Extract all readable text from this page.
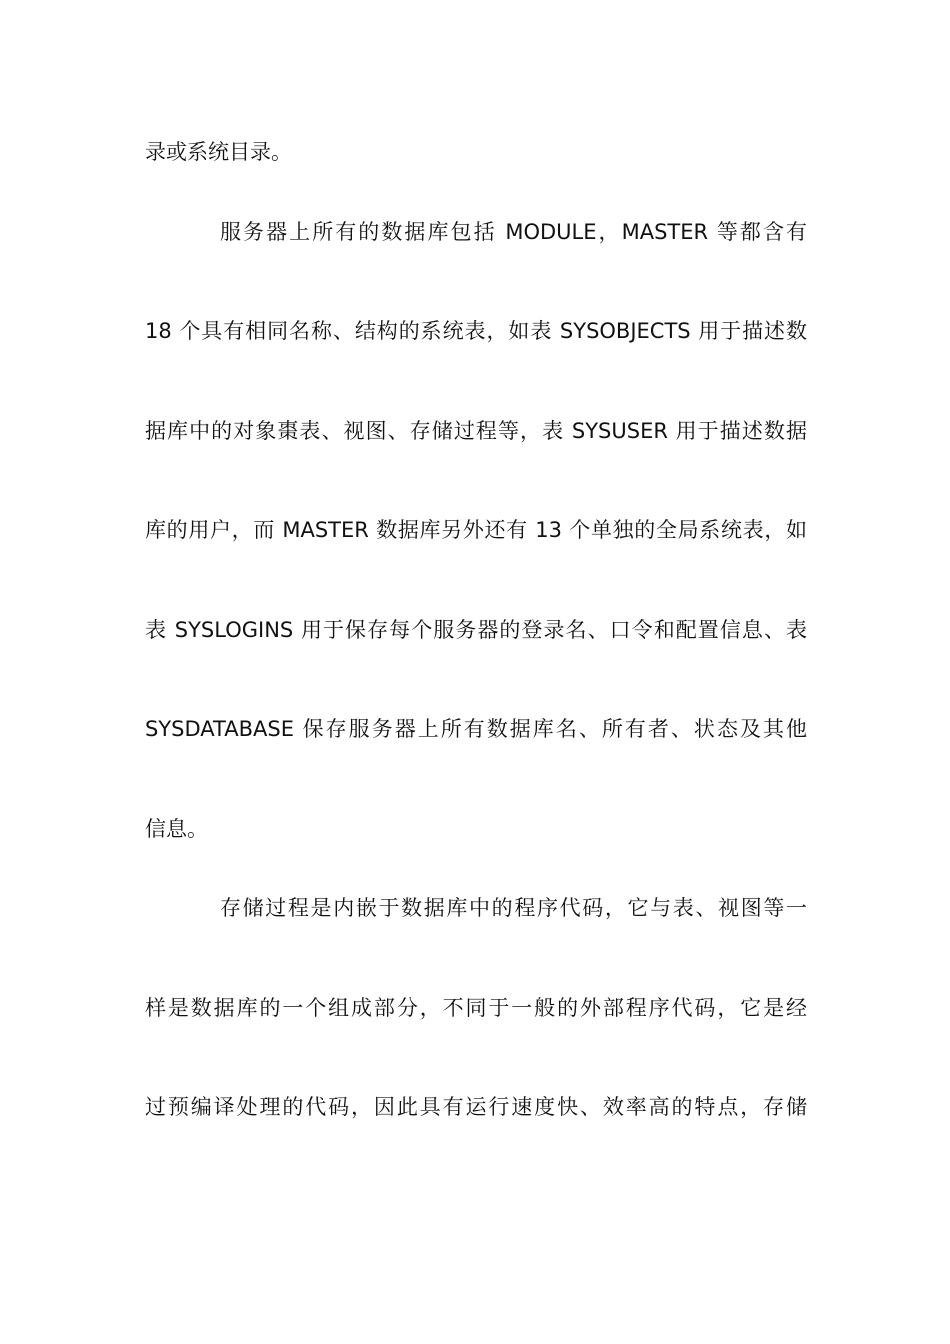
录或系统目录。
服务器上所有的数据库包括 MODULE，MASTER 等都含有
18 个具有相同名称、结构的系统表，如表 SYSOBJECTS 用于描述数
据库中的对象棗表、视图、存储过程等，表 SYSUSER 用于描述数据
库的用户，而 MASTER 数据库另外还有 13 个单独的全局系统表，如
表 SYSLOGINS 用于保存每个服务器的登录名、口令和配置信息、表
SYSDATABASE 保存服务器上所有数据库名、所有者、状态及其他
信息。
存储过程是内嵌于数据库中的程序代码，它与表、视图等一
样是数据库的一个组成部分，不同于一般的外部程序代码，它是经
过预编译处理的代码，因此具有运行速度快、效率高的特点，存储
